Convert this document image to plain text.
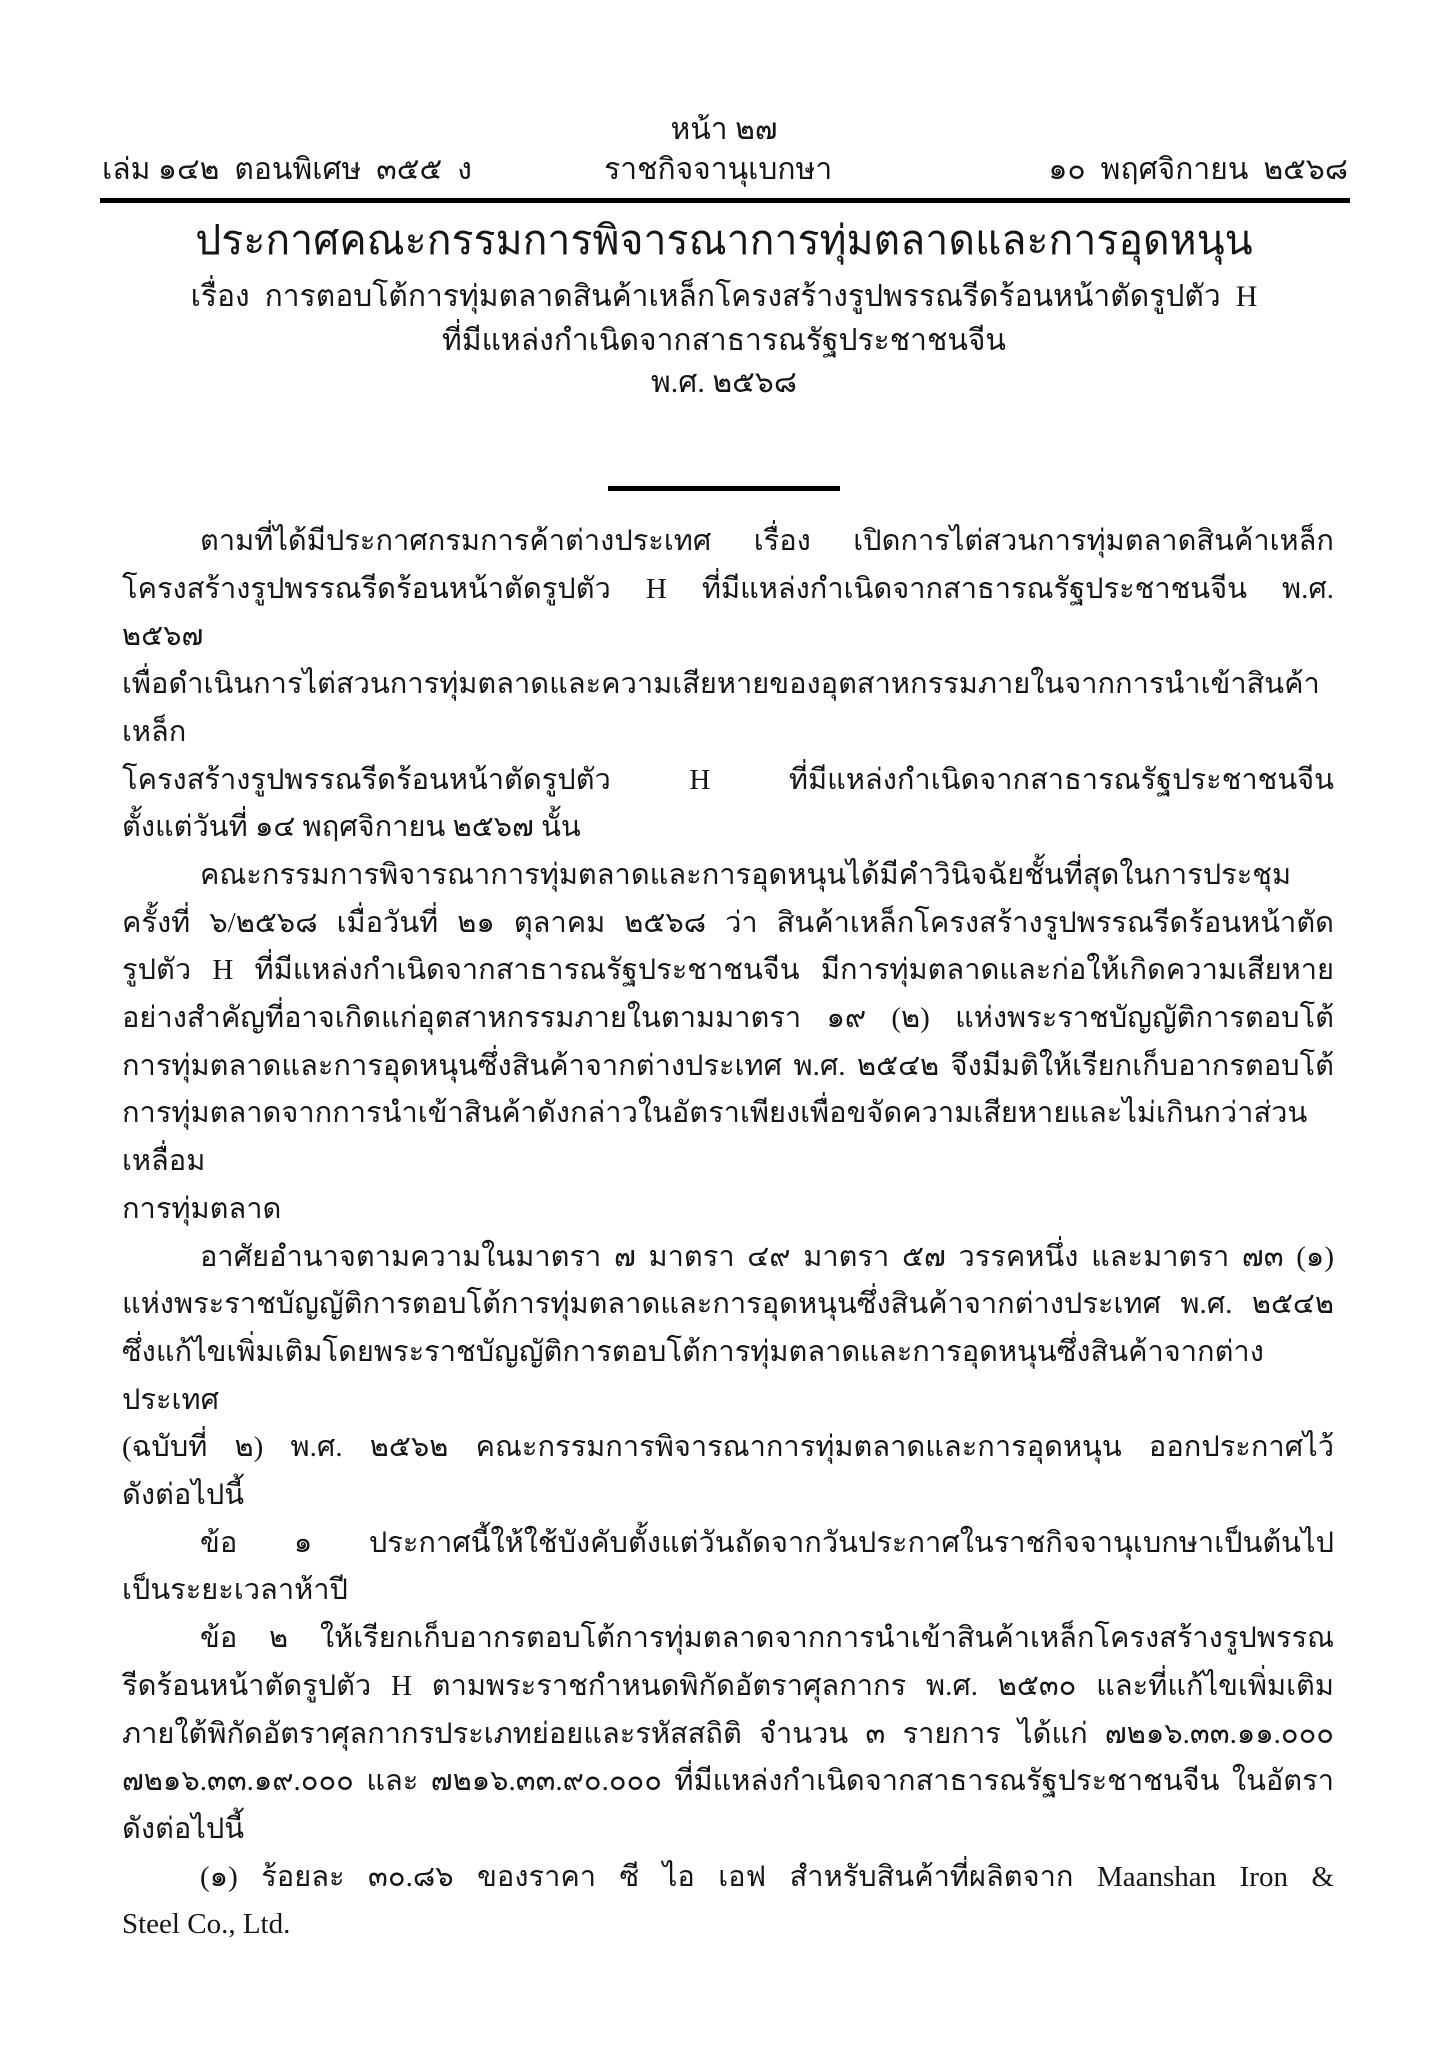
หน้า ๒๗
เล่ม ๑๔๒  ตอนพิเศษ  ๓๕๕  ง	ราชกิจจานุเบกษา	๑๐  พฤศจิกายน  ๒๕๖๘
ประกาศคณะกรรมการพิจารณาการทุ่มตลาดและการอุดหนุน
เรื่อง  การตอบโต้การทุ่มตลาดสินค้าเหล็กโครงสร้างรูปพรรณรีดร้อนหน้าตัดรูปตัว  H
ที่มีแหล่งกำเนิดจากสาธารณรัฐประชาชนจีน
พ.ศ. ๒๕๖๘
ตามที่ได้มีประกาศกรมการค้าต่างประเทศ เรื่อง เปิดการไต่สวนการทุ่มตลาดสินค้าเหล็ก
โครงสร้างรูปพรรณรีดร้อนหน้าตัดรูปตัว H ที่มีแหล่งกำเนิดจากสาธารณรัฐประชาชนจีน พ.ศ. ๒๕๖๗
เพื่อดำเนินการไต่สวนการทุ่มตลาดและความเสียหายของอุตสาหกรรมภายในจากการนำเข้าสินค้าเหล็ก
โครงสร้างรูปพรรณรีดร้อนหน้าตัดรูปตัว H ที่มีแหล่งกำเนิดจากสาธารณรัฐประชาชนจีน
ตั้งแต่วันที่ ๑๔ พฤศจิกายน ๒๕๖๗ นั้น
คณะกรรมการพิจารณาการทุ่มตลาดและการอุดหนุนได้มีคำวินิจฉัยชั้นที่สุดในการประชุม
ครั้งที่ ๖/๒๕๖๘ เมื่อวันที่ ๒๑ ตุลาคม ๒๕๖๘ ว่า สินค้าเหล็กโครงสร้างรูปพรรณรีดร้อนหน้าตัด
รูปตัว H ที่มีแหล่งกำเนิดจากสาธารณรัฐประชาชนจีน มีการทุ่มตลาดและก่อให้เกิดความเสียหาย
อย่างสำคัญที่อาจเกิดแก่อุตสาหกรรมภายในตามมาตรา ๑๙ (๒) แห่งพระราชบัญญัติการตอบโต้
การทุ่มตลาดและการอุดหนุนซึ่งสินค้าจากต่างประเทศ พ.ศ. ๒๕๔๒ จึงมีมติให้เรียกเก็บอากรตอบโต้
การทุ่มตลาดจากการนำเข้าสินค้าดังกล่าวในอัตราเพียงเพื่อขจัดความเสียหายและไม่เกินกว่าส่วนเหลื่อม
การทุ่มตลาด
อาศัยอำนาจตามความในมาตรา ๗ มาตรา ๔๙ มาตรา ๕๗ วรรคหนึ่ง และมาตรา ๗๓ (๑)
แห่งพระราชบัญญัติการตอบโต้การทุ่มตลาดและการอุดหนุนซึ่งสินค้าจากต่างประเทศ พ.ศ. ๒๕๔๒
ซึ่งแก้ไขเพิ่มเติมโดยพระราชบัญญัติการตอบโต้การทุ่มตลาดและการอุดหนุนซึ่งสินค้าจากต่างประเทศ
(ฉบับที่ ๒) พ.ศ. ๒๕๖๒ คณะกรรมการพิจารณาการทุ่มตลาดและการอุดหนุน ออกประกาศไว้
ดังต่อไปนี้
ข้อ ๑ ประกาศนี้ให้ใช้บังคับตั้งแต่วันถัดจากวันประกาศในราชกิจจานุเบกษาเป็นต้นไป
เป็นระยะเวลาห้าปี
ข้อ ๒ ให้เรียกเก็บอากรตอบโต้การทุ่มตลาดจากการนำเข้าสินค้าเหล็กโครงสร้างรูปพรรณ
รีดร้อนหน้าตัดรูปตัว H ตามพระราชกำหนดพิกัดอัตราศุลกากร พ.ศ. ๒๕๓๐ และที่แก้ไขเพิ่มเติม
ภายใต้พิกัดอัตราศุลกากรประเภทย่อยและรหัสสถิติ จำนวน ๓ รายการ ได้แก่ ๗๒๑๖.๓๓.๑๑.๐๐๐
๗๒๑๖.๓๓.๑๙.๐๐๐ และ ๗๒๑๖.๓๓.๙๐.๐๐๐ ที่มีแหล่งกำเนิดจากสาธารณรัฐประชาชนจีน ในอัตรา
ดังต่อไปนี้
(๑) ร้อยละ ๓๐.๘๖ ของราคา ซี ไอ เอฟ สำหรับสินค้าที่ผลิตจาก Maanshan Iron &
Steel Co., Ltd.
